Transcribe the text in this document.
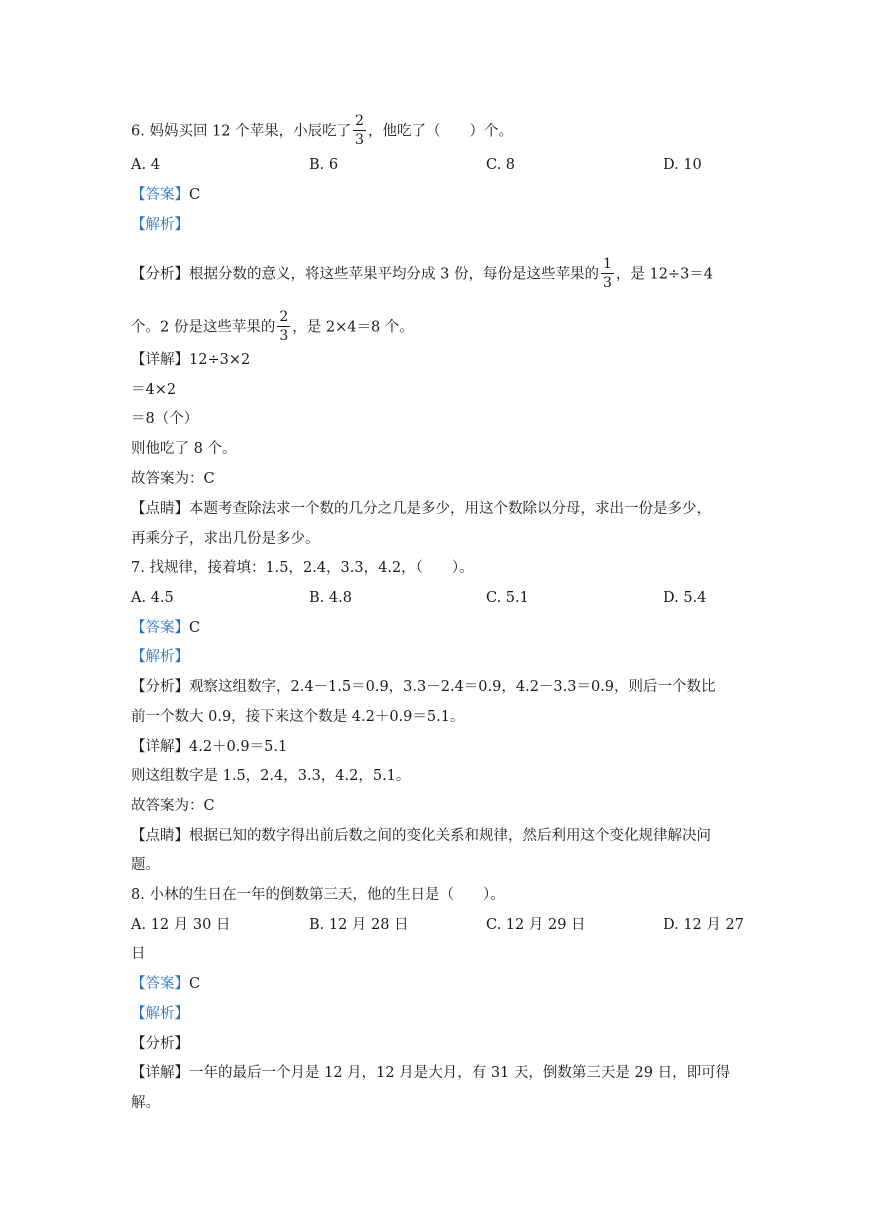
6. 妈妈买回 12 个苹果，小辰吃了 $\frac{2}{3}$ ，他吃了（　　）个。
A. 4	B. 6	C. 8	D. 10
【答案】C
【解析】
【分析】根据分数的意义，将这些苹果平均分成 3 份，每份是这些苹果的 $\frac{1}{3}$ ，是 12÷3＝4
个。2 份是这些苹果的 $\frac{2}{3}$ ，是 2×4＝8 个。
【详解】12÷3×2
＝4×2
＝8（个）
则他吃了 8 个。
故答案为：C
【点睛】本题考查除法求一个数的几分之几是多少，用这个数除以分母，求出一份是多少，
再乘分子，求出几份是多少。
7. 找规律，接着填：1.5，2.4，3.3，4.2，（　　）。
A. 4.5	B. 4.8	C. 5.1	D. 5.4
【答案】C
【解析】
【分析】观察这组数字，2.4－1.5＝0.9，3.3－2.4＝0.9，4.2－3.3＝0.9，则后一个数比
前一个数大 0.9，接下来这个数是 4.2＋0.9＝5.1。
【详解】4.2＋0.9＝5.1
则这组数字是 1.5，2.4，3.3，4.2，5.1。
故答案为：C
【点睛】根据已知的数字得出前后数之间的变化关系和规律，然后利用这个变化规律解决问
题。
8. 小林的生日在一年的倒数第三天，他的生日是（　　）。
A. 12 月 30 日	B. 12 月 28 日	C. 12 月 29 日	D. 12 月 27
日
【答案】C
【解析】
【分析】
【详解】一年的最后一个月是 12 月，12 月是大月，有 31 天，倒数第三天是 29 日，即可得
解。
